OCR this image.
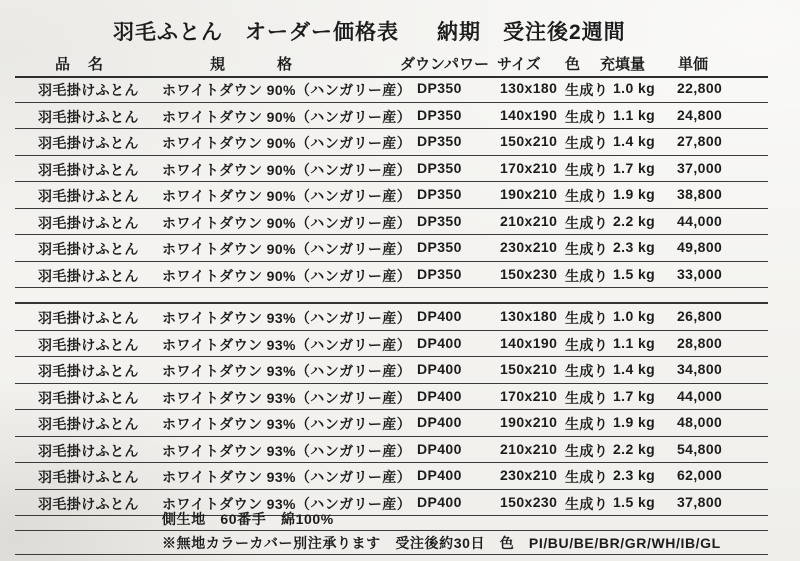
羽毛ふとん　オーダー価格表 納期　受注後2週間
品名	規格	ダウンパワー サイズ 色 充填量 単価
羽毛掛けふとん ホワイトダウン 90%（ハンガリー産） DP350	130x180 生成り 1.0 kg 22,800
羽毛掛けふとん ホワイトダウン 90%（ハンガリー産） DP350	140x190 生成り 1.1 kg 24,800
羽毛掛けふとん ホワイトダウン 90%（ハンガリー産） DP350	150x210 生成り 1.4 kg 27,800
羽毛掛けふとん ホワイトダウン 90%（ハンガリー産） DP350	170x210 生成り 1.7 kg 37,000
羽毛掛けふとん ホワイトダウン 90%（ハンガリー産） DP350	190x210 生成り 1.9 kg 38,800
羽毛掛けふとん ホワイトダウン 90%（ハンガリー産） DP350	210x210 生成り 2.2 kg 44,000
羽毛掛けふとん ホワイトダウン 90%（ハンガリー産） DP350	230x210 生成り 2.3 kg 49,800
羽毛掛けふとん ホワイトダウン 90%（ハンガリー産） DP350	150x230 生成り 1.5 kg 33,000
羽毛掛けふとん ホワイトダウン 93%（ハンガリー産） DP400	130x180 生成り 1.0 kg 26,800
羽毛掛けふとん ホワイトダウン 93%（ハンガリー産） DP400	140x190 生成り 1.1 kg 28,800
羽毛掛けふとん ホワイトダウン 93%（ハンガリー産） DP400	150x210 生成り 1.4 kg 34,800
羽毛掛けふとん ホワイトダウン 93%（ハンガリー産） DP400	170x210 生成り 1.7 kg 44,000
羽毛掛けふとん ホワイトダウン 93%（ハンガリー産） DP400	190x210 生成り 1.9 kg 48,000
羽毛掛けふとん ホワイトダウン 93%（ハンガリー産） DP400	210x210 生成り 2.2 kg 54,800
羽毛掛けふとん ホワイトダウン 93%（ハンガリー産） DP400	230x210 生成り 2.3 kg 62,000
羽毛掛けふとん ホワイトダウン 93%（ハンガリー産） DP400	150x230 生成り 1.5 kg 37,800
側生地　60番手　綿100%
※無地カラーカバー別注承ります　受注後約30日　色　PI/BU/BE/BR/GR/WH/IB/GL
